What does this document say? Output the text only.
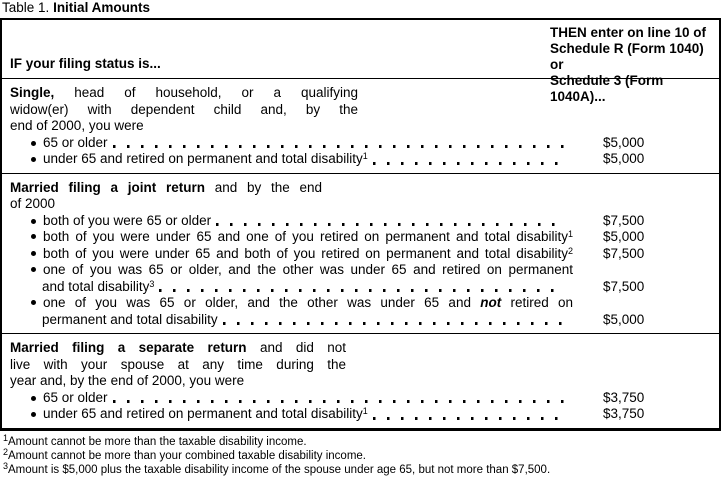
Table 1. Initial Amounts
IF your filing status is...
THEN enter on line 10 of
Schedule R (Form 1040) or
Schedule 3 (Form 1040A)...
Single, head of household, or a qualifying
widow(er) with dependent child and, by the
end of 2000, you were
65 or older	$5,000
under 65 and retired on permanent and total disability$^1$	$5,000
Married filing a joint return and by the end
of 2000
both of you were 65 or older	$7,500
both of you were under 65 and one of you retired on permanent and total disability$^1$	$5,000
both of you were under 65 and both of you retired on permanent and total disability$^2$	$7,500
one of you was 65 or older, and the other was under 65 and retired on permanent
and total disability$^3$	$7,500
one of you was 65 or older, and the other was under 65 and not retired on
permanent and total disability	$5,000
Married filing a separate return and did not
live with your spouse at any time during the
year and, by the end of 2000, you were
65 or older	$3,750
under 65 and retired on permanent and total disability$^1$	$3,750
$^1$Amount cannot be more than the taxable disability income.
$^2$Amount cannot be more than your combined taxable disability income.
$^3$Amount is $5,000 plus the taxable disability income of the spouse under age 65, but not more than $7,500.
